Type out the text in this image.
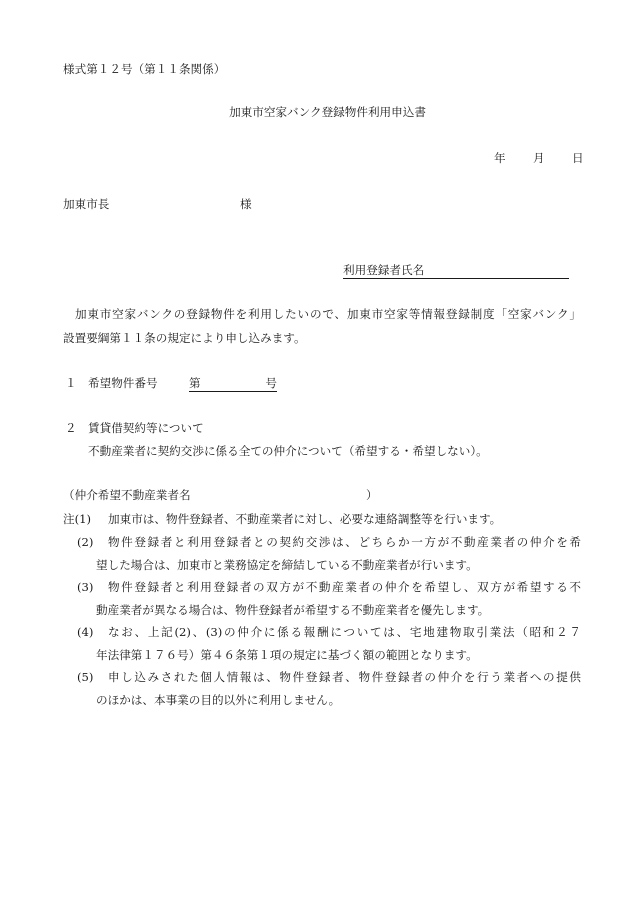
様式第１２号（第１１条関係）
加東市空家バンク登録物件利用申込書
年 月 日
加東市長	様
利用登録者氏名
加東市空家バンクの登録物件を利用したいので、加東市空家等情報登録制度「空家バンク」
設置要綱第１１条の規定により申し込みます。
１ 希望物件番号	第	号
２ 賃貸借契約等について
不動産業者に契約交渉に係る全ての仲介について（希望する・希望しない）。
（仲介希望不動産業者名	）
注(1) 加東市は、物件登録者、不動産業者に対し、必要な連絡調整等を行います。
(2) 物件登録者と利用登録者との契約交渉は、どちらか一方が不動産業者の仲介を希
望した場合は、加東市と業務協定を締結している不動産業者が行います。
(3) 物件登録者と利用登録者の双方が不動産業者の仲介を希望し、双方が希望する不
動産業者が異なる場合は、物件登録者が希望する不動産業者を優先します。
(4) なお、上記(2)、(3)の仲介に係る報酬については、宅地建物取引業法（昭和２７
年法律第１７６号）第４６条第１項の規定に基づく額の範囲となります。
(5) 申し込みされた個人情報は、物件登録者、物件登録者の仲介を行う業者への提供
のほかは、本事業の目的以外に利用しません。
